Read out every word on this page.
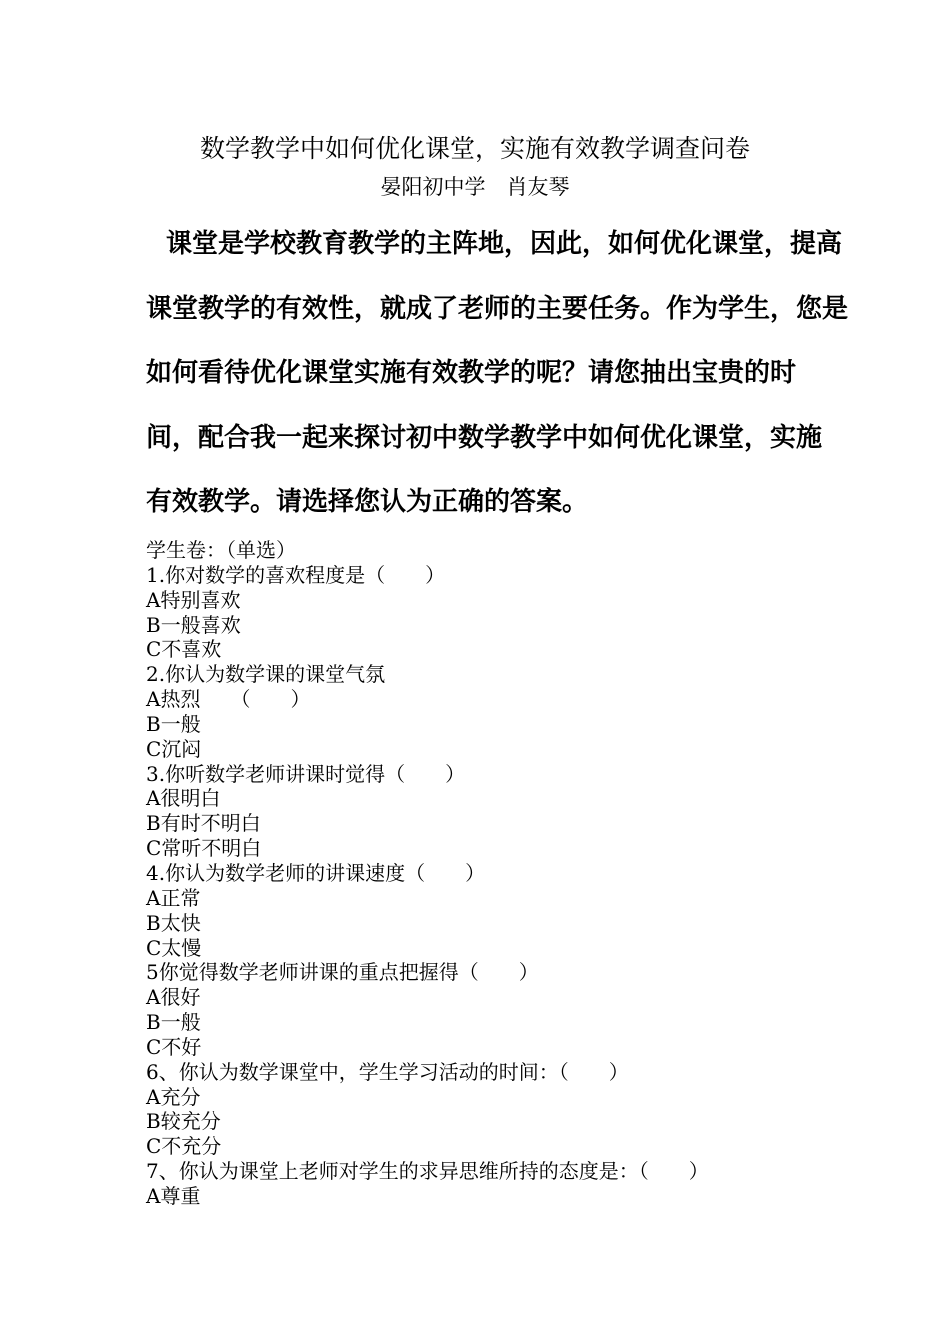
数学教学中如何优化课堂，实施有效教学调查问卷
晏阳初中学　肖友琴
课堂是学校教育教学的主阵地，因此，如何优化课堂，提高
课堂教学的有效性，就成了老师的主要任务。作为学生，您是
如何看待优化课堂实施有效教学的呢？请您抽出宝贵的时
间，配合我一起来探讨初中数学教学中如何优化课堂，实施
有效教学。请选择您认为正确的答案。
学生卷：（单选）
1.你对数学的喜欢程度是（　　）
A特别喜欢
B一般喜欢
C不喜欢
2.你认为数学课的课堂气氛
A热烈　　（　　）
B一般
C沉闷
3.你听数学老师讲课时觉得（　　）
A很明白
B有时不明白
C常听不明白
4.你认为数学老师的讲课速度（　　）
A正常
B太快
C太慢
5你觉得数学老师讲课的重点把握得（　　）
A很好
B一般
C不好
6、你认为数学课堂中，学生学习活动的时间：（　　）
A充分
B较充分
C不充分
7、你认为课堂上老师对学生的求异思维所持的态度是：（　　）
A尊重
